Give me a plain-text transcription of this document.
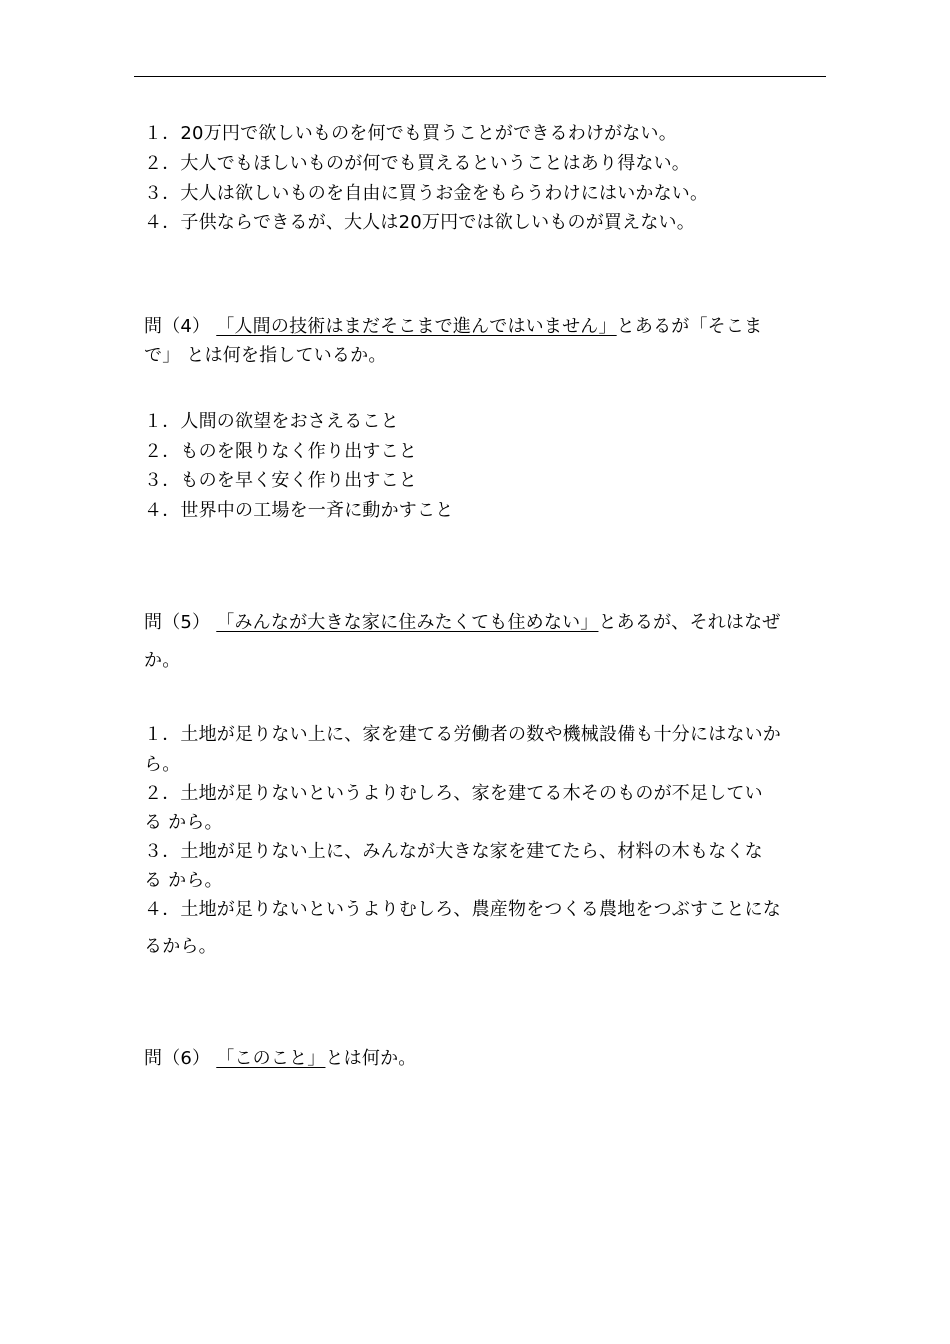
１．20万円で欲しいものを何でも買うことができるわけがない。
２．大人でもほしいものが何でも買えるということはあり得ない。
３．大人は欲しいものを自由に買うお金をもらうわけにはいかない。
４．子供ならできるが、大人は20万円では欲しいものが買えない。
問（4） 「人間の技術はまだそこまで進んではいません」とあるが「そこま
で」 とは何を指しているか。
１．人間の欲望をおさえること
２．ものを限りなく作り出すこと
３．ものを早く安く作り出すこと
４．世界中の工場を一斉に動かすこと
問（5） 「みんなが大きな家に住みたくても住めない」とあるが、それはなぜ
か。
１．土地が足りない上に、家を建てる労働者の数や機械設備も十分にはないか
ら。
２．土地が足りないというよりむしろ、家を建てる木そのものが不足してい
る から。
３．土地が足りない上に、みんなが大きな家を建てたら、材料の木もなくな
る から。
４．土地が足りないというよりむしろ、農産物をつくる農地をつぶすことにな
るから。
問（6） 「このこと」とは何か。
